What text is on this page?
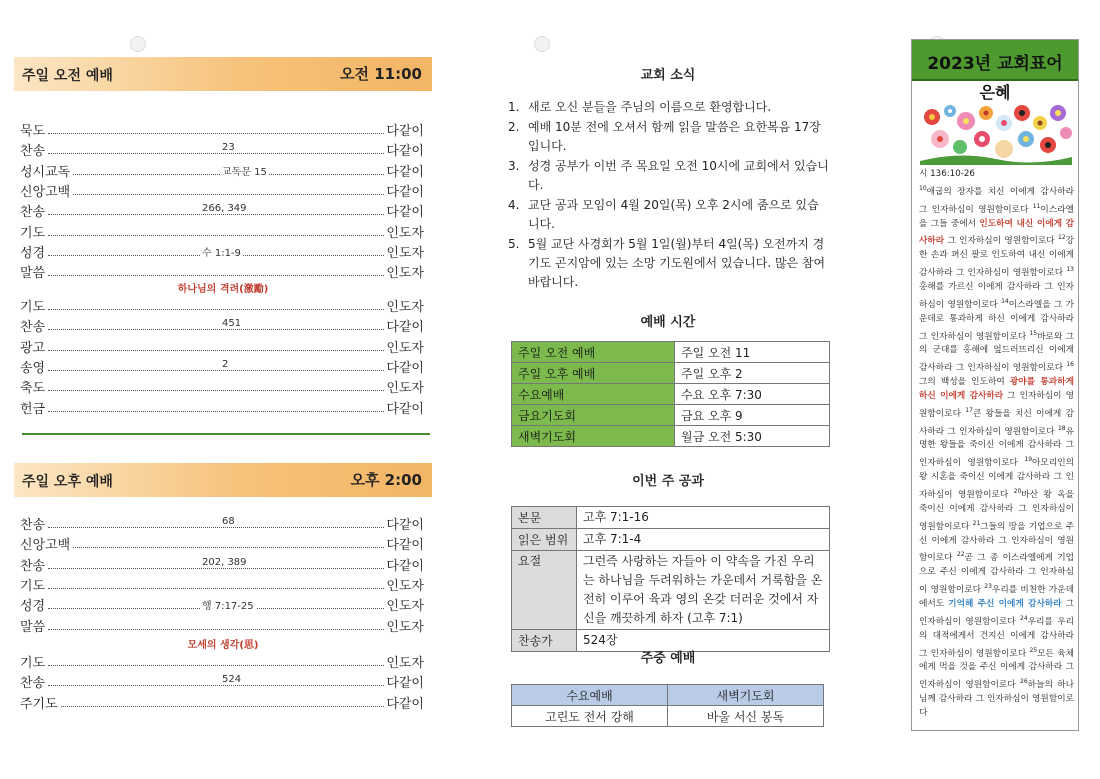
주일 오전 예배	오전 11:00
묵도	다같이
찬송	23	다같이
성시교독	교독문 15	다같이
신앙고백	다같이
찬송	266, 349	다같이
기도	인도자
성경	수 1:1-9	인도자
말씀	인도자
하나님의 격려(激勵)
기도	인도자
찬송	451	다같이
광고	인도자
송영	2	다같이
축도	인도자
헌금	다같이
주일 오후 예배	오후 2:00
찬송	68	다같이
신앙고백	다같이
찬송	202, 389	다같이
기도	인도자
성경	행 7:17-25	인도자
말씀	인도자
모세의 생각(思)
기도	인도자
찬송	524	다같이
주기도	다같이
교회 소식
1. 새로 오신 분들을 주님의 이름으로 환영합니다.
2. 예배 10분 전에 오셔서 함께 읽을 말씀은 요한복음 17장입니다.
3. 성경 공부가 이번 주 목요일 오전 10시에 교회에서 있습니다.
4. 교단 공과 모임이 4월 20일(목) 오후 2시에 줌으로 있습니다.
5. 5월 교단 사경회가 5월 1일(월)부터 4일(목) 오전까지 경기도 곤지암에 있는 소망 기도원에서 있습니다. 많은 참여 바랍니다.
예배 시간
주일 오전 예배	주일 오전 11
주일 오후 예배	주일 오후 2
수요예배	수요 오후 7:30
금요기도회	금요 오후 9
새벽기도회	월금 오전 5:30
이번 주 공과
본문	고후 7:1-16
읽은 범위	고후 7:1-4
요절	그런즉 사랑하는 자들아 이 약속을 가진 우리는 하나님을 두려워하는 가운데서 거룩함을 온전히 이루어 육과 영의 온갖 더러운 것에서 자신을 깨끗하게 하자 (고후 7:1)
찬송가	524장
주중 예배
수요예배	새벽기도회
고린도 전서 강해	바울 서신 봉독
2023년 교회표어
은혜
시 136:10-26
$^{10}$애굽의 장자를 치신 이에게 감사하라 그 인자하심이 영원함이로다 $^{11}$이스라엘을 그들 중에서 인도하여 내신 이에게 감사하라 그 인자하심이 영원함이로다 $^{12}$강한 손과 펴신 팔로 인도하여 내신 이에게 감사하라 그 인자하심이 영원함이로다 $^{13}$홍해를 가르신 이에게 감사하라 그 인자하심이 영원함이로다 $^{14}$이스라엘을 그 가운데로 통과하게 하신 이에게 감사하라 그 인자하심이 영원함이로다 $^{15}$바로와 그의 군대를 홍해에 엎드러뜨리신 이에게 감사하라 그 인자하심이 영원함이로다 $^{16}$그의 백성을 인도하여 광야를 통과하게 하신 이에게 감사하라 그 인자하심이 영원함이로다 $^{17}$큰 왕들을 치신 이에게 감사하라 그 인자하심이 영원함이로다 $^{18}$유명한 왕들을 죽이신 이에게 감사하라 그 인자하심이 영원함이로다 $^{19}$아모리인의 왕 시혼을 죽이신 이에게 감사하라 그 인자하심이 영원함이로다 $^{20}$바산 왕 옥을 죽이신 이에게 감사하라 그 인자하심이 영원함이로다 $^{21}$그들의 땅을 기업으로 주신 이에게 감사하라 그 인자하심이 영원함이로다 $^{22}$곧 그 종 이스라엘에게 기업으로 주신 이에게 감사하라 그 인자하심이 영원함이로다 $^{23}$우리를 비천한 가운데에서도 기억해 주신 이에게 감사하라 그 인자하심이 영원함이로다 $^{24}$우리를 우리의 대적에게서 건지신 이에게 감사하라 그 인자하심이 영원함이로다 $^{25}$모든 육체에게 먹을 것을 주신 이에게 감사하라 그 인자하심이 영원함이로다 $^{26}$하늘의 하나님께 감사하라 그 인자하심이 영원함이로다
